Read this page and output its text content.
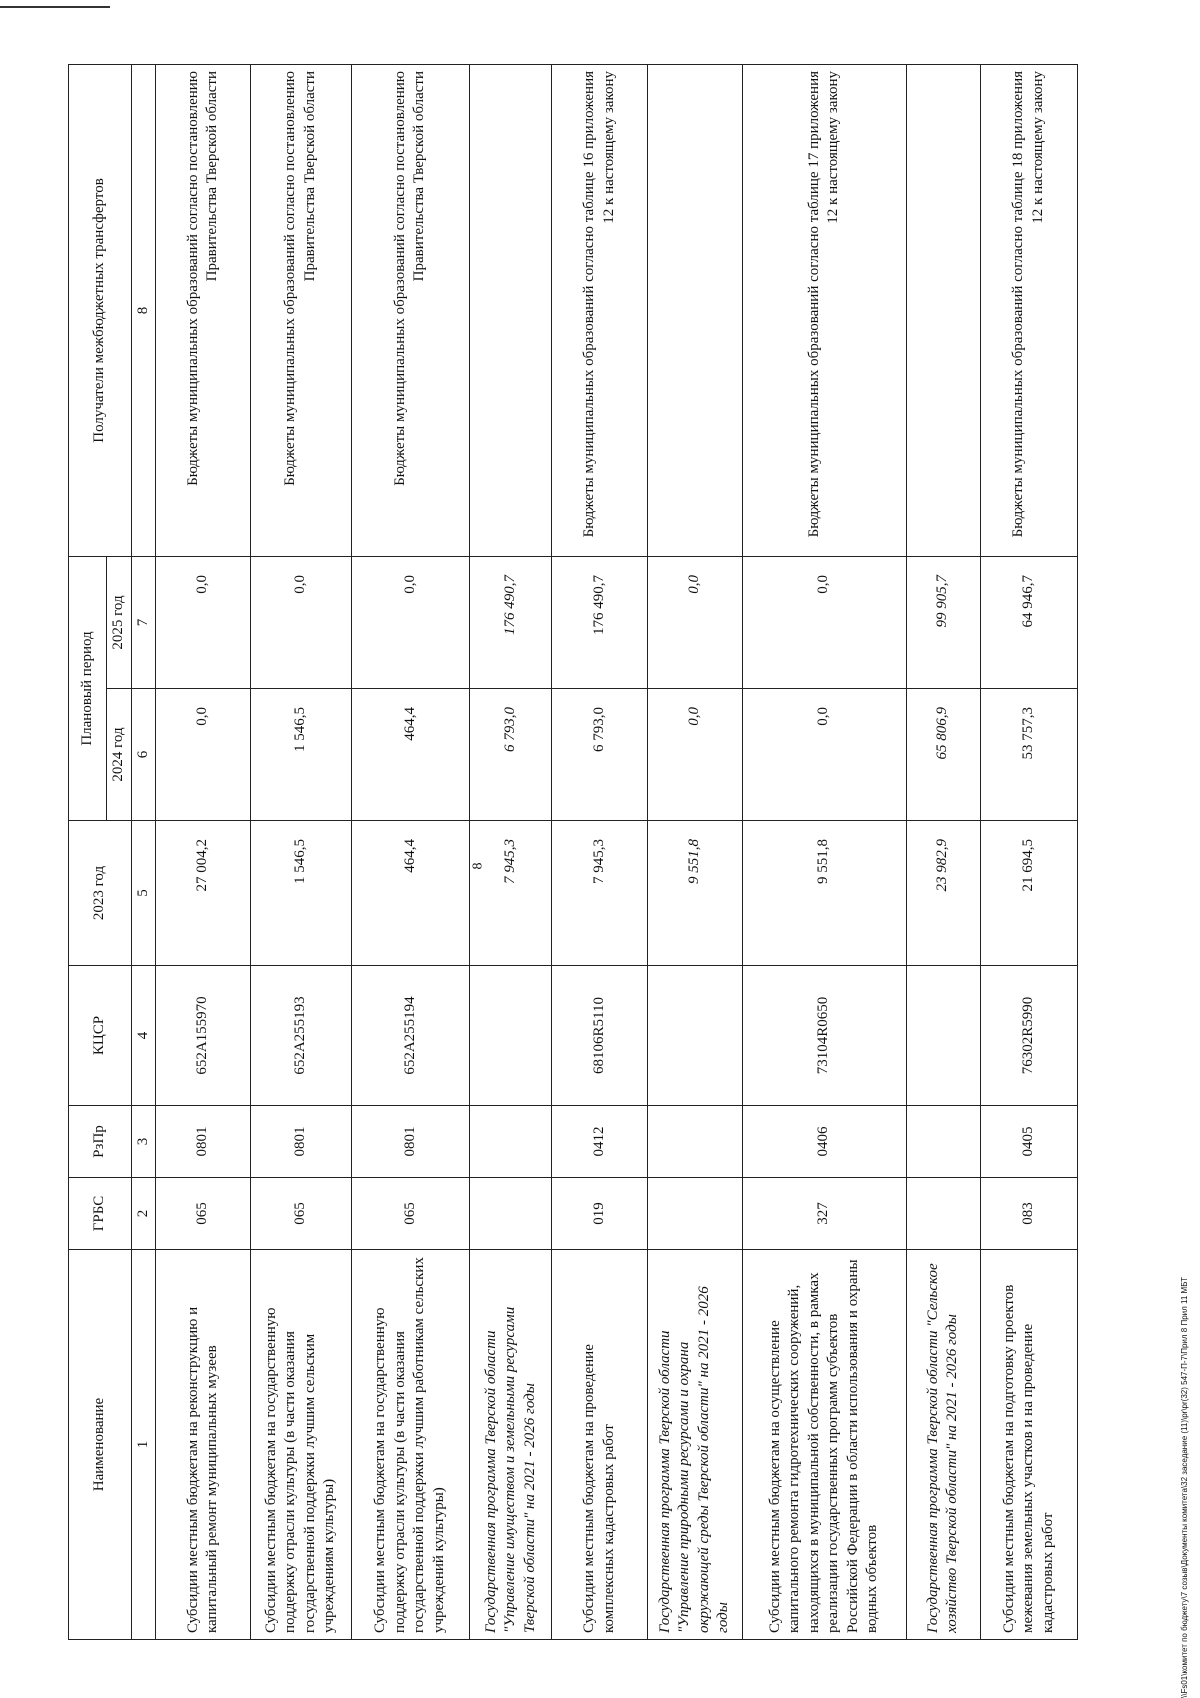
8
\\Fs01\комитет по бюджету\7 созыв\Документы комитета\32 заседание (11)\pr\pr(32) 547-П-7\Прил 8 Прил 11 МБТ
Наименование	ГРБС	РзПр	КЦСР	2023 год	Плановый период		Получатели межбюджетных трансфертов
					2024 год	2025 год	
1	2	3	4	5	6	7	8
Субсидии местным бюджетам на реконструкцию и капитальный ремонт муниципальных музеев	065	0801	652A155970	27 004,2	0,0	0,0	Бюджеты муниципальных образований согласно постановлению Правительства Тверской области
Субсидии местным бюджетам на государственную поддержку отрасли культуры (в части оказания государственной поддержки лучшим сельским учреждениям культуры)	065	0801	652A255193	1 546,5	1 546,5	0,0	Бюджеты муниципальных образований согласно постановлению Правительства Тверской области
Субсидии местным бюджетам на государственную поддержку отрасли культуры (в части оказания государственной поддержки лучшим работникам сельских учреждений культуры)	065	0801	652A255194	464,4	464,4	0,0	Бюджеты муниципальных образований согласно постановлению Правительства Тверской области
Государственная программа Тверской области "Управление имуществом и земельными ресурсами Тверской области" на 2021 - 2026 годы				7 945,3	6 793,0	176 490,7	
Субсидии местным бюджетам на проведение комплексных кадастровых работ	019	0412	68106R5110	7 945,3	6 793,0	176 490,7	Бюджеты муниципальных образований согласно таблице 16 приложения 12 к настоящему закону
Государственная программа Тверской области "Управление природными ресурсами и охрана окружающей среды Тверской области" на 2021 - 2026 годы				9 551,8	0,0	0,0	
Субсидии местным бюджетам на осуществление капитального ремонта гидротехнических сооружений, находящихся в муниципальной собственности, в рамках реализации государственных программ субъектов Российской Федерации в области использования и охраны водных объектов	327	0406	73104R0650	9 551,8	0,0	0,0	Бюджеты муниципальных образований согласно таблице 17 приложения 12 к настоящему закону
Государственная программа Тверской области "Сельское хозяйство Тверской области" на 2021 - 2026 годы				23 982,9	65 806,9	99 905,7	
Субсидии местным бюджетам на подготовку проектов межевания земельных участков и на проведение кадастровых работ	083	0405	76302R5990	21 694,5	53 757,3	64 946,7	Бюджеты муниципальных образований согласно таблице 18 приложения 12 к настоящему закону
